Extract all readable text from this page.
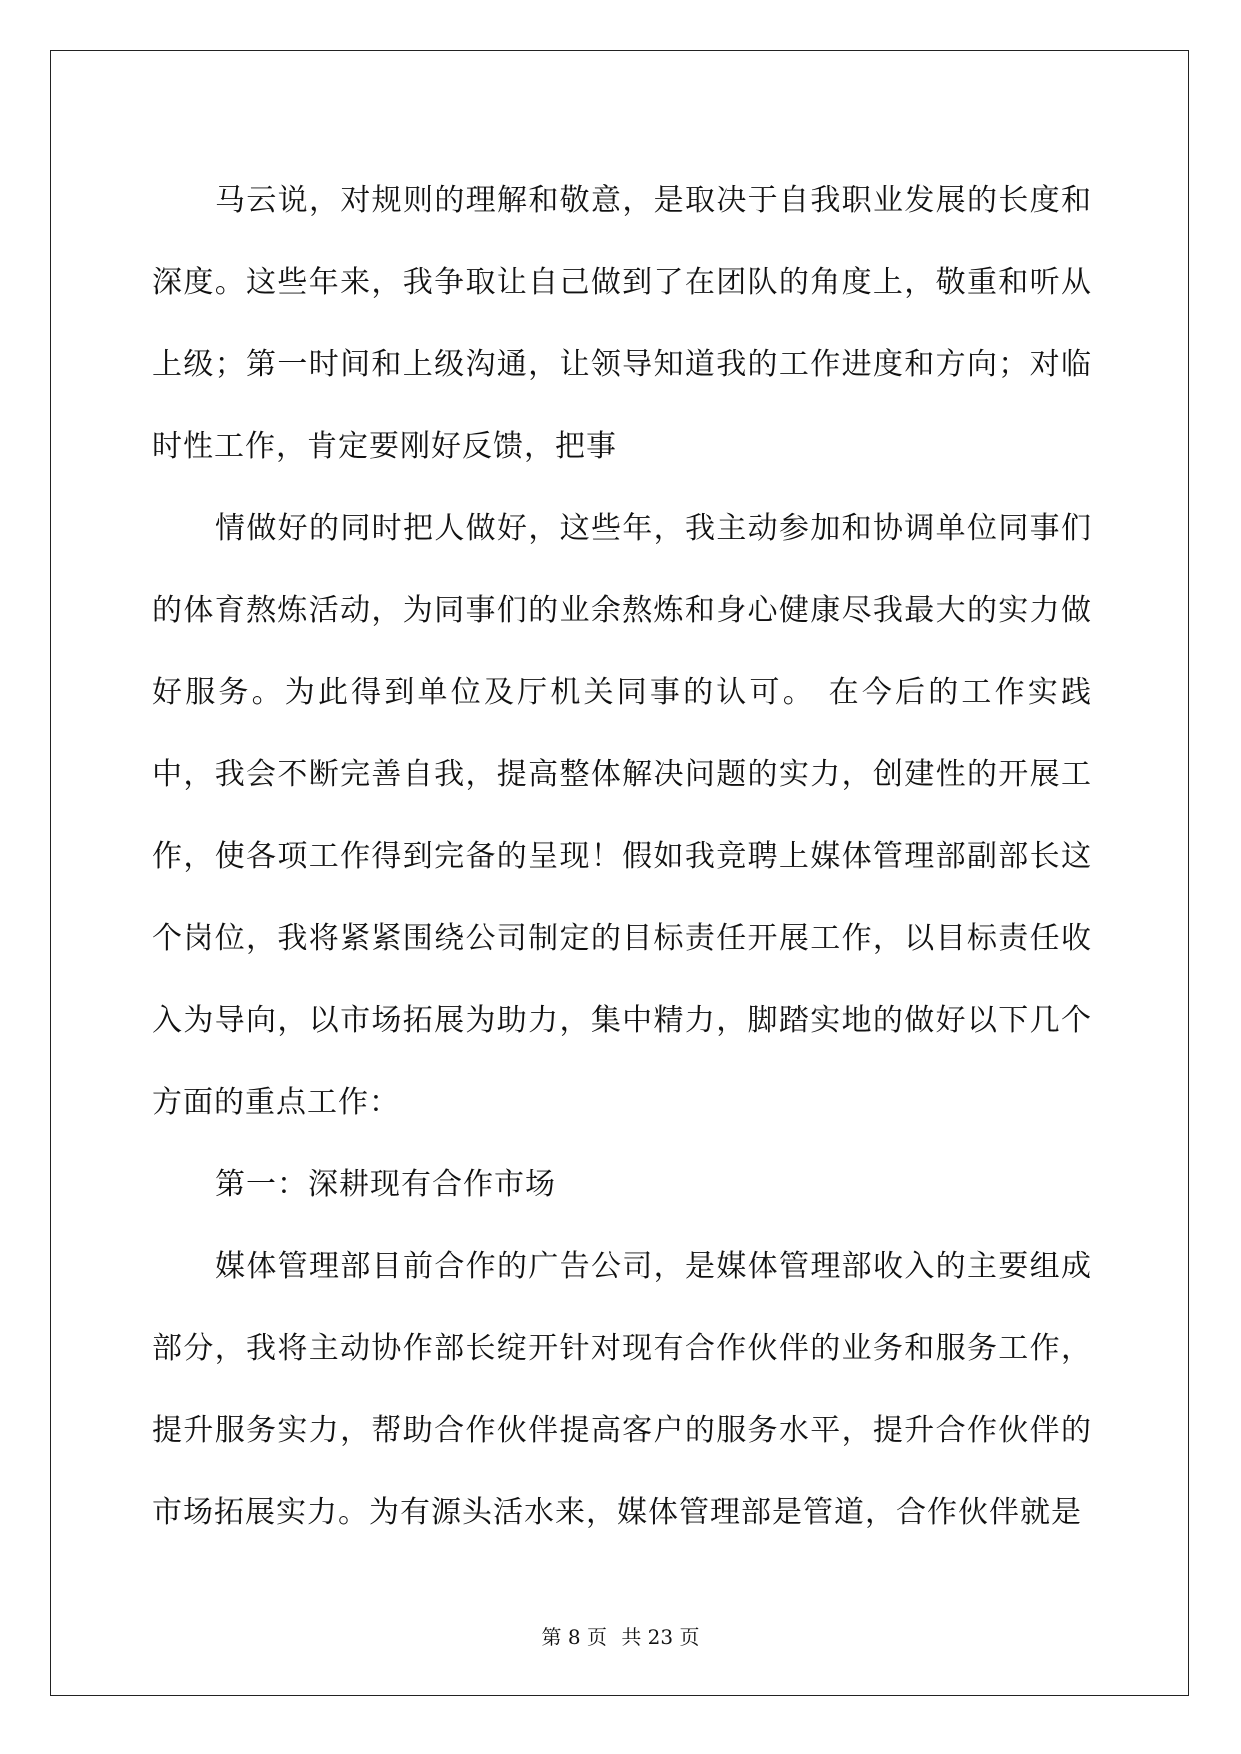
马云说，对规则的理解和敬意，是取决于自我职业发展的长度和深度。这些年来，我争取让自己做到了在团队的角度上，敬重和听从上级；第一时间和上级沟通，让领导知道我的工作进度和方向；对临时性工作，肯定要刚好反馈，把事

情做好的同时把人做好，这些年，我主动参加和协调单位同事们的体育熬炼活动，为同事们的业余熬炼和身心健康尽我最大的实力做好服务。为此得到单位及厅机关同事的认可。 在今后的工作实践中，我会不断完善自我，提高整体解决问题的实力，创建性的开展工作，使各项工作得到完备的呈现！假如我竞聘上媒体管理部副部长这个岗位，我将紧紧围绕公司制定的目标责任开展工作，以目标责任收入为导向，以市场拓展为助力，集中精力，脚踏实地的做好以下几个方面的重点工作：

第一：深耕现有合作市场

媒体管理部目前合作的广告公司，是媒体管理部收入的主要组成部分，我将主动协作部长绽开针对现有合作伙伴的业务和服务工作，提升服务实力，帮助合作伙伴提高客户的服务水平，提升合作伙伴的市场拓展实力。为有源头活水来，媒体管理部是管道，合作伙伴就是

第 8 页 共 23 页
